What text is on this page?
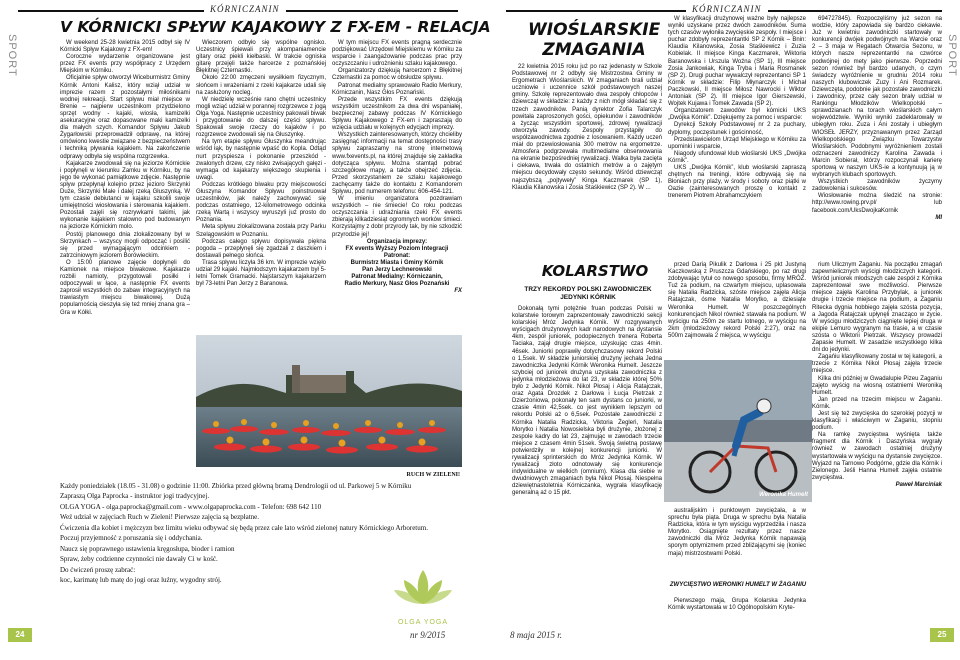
SPORT	SPORT
KÓRNICZANIN	KÓRNICZANIN
V KÓRNICKI SPŁYW KAJAKOWY Z FX-EM - RELACJA

W weekend 25-28 kwietnia 2015 odbył się IV Kórnicki Spływ Kajakowy z FX-em!

Coroczne wydarzenie organizowane jest przez FX events przy współpracy z Urzędem Miejskim w Kórniku.

Oficjalnie spływ otworzył Wiceburmistrz Gminy Kórnik Antoni Kalisz, który wziął udział w imprezie razem z pozostałymi miłośnikami wodnej rekreacji. Start spływu miał miejsce w Brenie – najpierw uczestnikom przydzielono sprzęt wodny - kajaki, wiosła, kamizelki asekuracyjne oraz dopasowane maki kamizelki dla małych szych. Komandor Spływu Jakub Żygarłowski przeprowadził odprawę, na której omówiono kwestie związane z bezpieczeństwem i techniką pływania kajakiem. Na zakończenie odprawy odbyła się wspólna rozgrzewka.

Kajakarze zwodowali się na jeziorze Kórnickie i popłynęli w kierunku Zamku w Kórniku, by na jego tle wykonać pamiątkowe zdjęcie. Następnie spływ przepłynął kolejno przez jezioro Skrzynki Duże, Skrzynki Małe i dalej rzeką Głuszynką. W tym czasie debiutanci w kajaku szkolili swoje umiejętności wiosłowania i sterowania kajakiem. Pozostali zajęli się rozrywkami takimi, jak wykonanie kajakiem stalowno pod budowanym na jeziorze Kórnickim molo.

Postój planowego dnia zlokalizowany był w Skrzynkach – wszyscy mogli odpocząć i posilić się przed wymagającym odcinkiem - zatrzciniowym jeziorem Borówieckim.

O 15:00 planowe zajęcie dopłynęli do Kamionek na miejsce biwakowe. Kajakarze rozbili namioty, przygotowali posiłki i odpoczywali w łące, a następnie FX events zaprosił wszystkich do zabaw integracyjnych na trawiastym miejscu biwakowej. Dużą popularnością cieszyła się też mniej znana gra – Gra w Kółki.

Wieczorem odbyło się wspólne ognisko. Uczestnicy śpiewali przy akompaniamencie gitary oraz piekli kiełbaski. W trakcie ogniska gitarę przejęli także harcerze z poznańskiej Błękitnej Czternastki.

Około 22:00 zmęczeni wysiłkiem fizycznym, słońcem i wrażeniami z rzeki kajakarze udali się na zasłużony nocleg.

W niedzielę wcześnie rano chętni uczestnicy mogli wziąć udział w porannej rozgrzewce z jogą Olga Yoga. Następnie uczestnicy pakowali biwak i przygotowanie do dalszej części spływu. Spakowali swoje rzeczy do kajaków i po rozgrzewce zwodowali się na Głuszynkę.

Na tym etapie spływu Głuszynka meandrując wśród łąk, by następnie wpaść do Kopla. Odtąd nurt przyspiesza i pokonanie przeszkód - zwalonych drzew, czy nisko zwisających gałęzi - wymaga od kajakarzy większego skupienia i uwagi.

Podczas krótkiego biwaku przy miejscowości Głuszyna Komandor Spływu poinstruował uczestników, jak należy zachowywać się podczas ostatniego, 12-kilometrowego odcinka rzeką Wartą i wszyscy wyruszyli już prosto do Poznania.

Meta spływu zlokalizowana została przy Parku Szelągowskim w Poznaniu.

Podczas całego spływu dopisywała piękna pogoda – przepłynęli się zgadzali z daszkiem i dostawali pełnego słońca.

Trasa spływu liczyła 36 km. W imprezie wzięło udział 29 kajaki. Najmłodszym kajakarzem był 5-letni Tomek Gramacki. Najstarszym kajakarzem był 73-letni Pan Jerzy z Baranowa.

W tym miejscu FX events pragną serdecznie podziękować Urzędowi Miejskiemu w Kórniku za wsparcie i zaangażowanie podczas prac przy oczyszczaniu i udrożnieniu szlaku kajakowego.

Organizatorzy dziękują harcerzom z Błękitnej Czternastki za pomoc w obsłudze spływu.

Patronat medialny sprawowało Radio Merkury, Kórniczanin, Nasz Głos Poznański.

Przede wszystkim FX events dziękują wszystkim uczestnikom za dwa dni wspaniałej, bezpiecznej zabawy podczas IV Kórnickiego Spływu Kajakowego z FX-em i zapraszają do wzięcia udziału w kolejnych edycjach imprezy.

Wszystkich zainteresowanych, którzy chcieliby zasięgnąć informacji na temat dostępności trasy spływu zapraszamy na stronę internetową www.fxevents.pl, na której znajduje się zakładka dotycząca spływu. Można stamtąd pobrać szczegółowe mapy, a także obejrzeć zdjęcia. Przed skorzystaniem ze szlaku kajakowego zachęcamy także do kontaktu z Komandorem Spływu, pod numerem telefonu: 606-454-121.

W imieniu organizatora pozdrawiam wszystkich – nie śmiecie! Co roku podczas oczyszczania i udrażniania rzeki FX events zbierają kilkadziesiąt ogromnych worków śmieci. Korzystajmy z dobr przyrody tak, by nie szkodzić przyrodzie jej!

Organizacja imprezy:

FX events Wyższy Poziom Integracji

Patronat:

Burmistrz Miasta i Gminy Kórnik

Pan Jerzy Lechnerowski

Patronat Medialny: Kórniczanin,

Radio Merkury, Nasz Głos Poznański

FX

RUCH W ZIELENI!

Każdy poniedziałek (18.05 - 31.08) o godzinie 11:00. Zbiórka przed główną bramą Dendrologii od ul. Parkowej 5 w Kórniku

Zapraszą Olga Paprocka - instruktor jogi tradycyjnej.

OLGA YOGA - olga.paprocka@gmail.com - www.olgapaprocka.com - Telefon: 698 642 110

Weź udział w zajęciach Ruch w Zieleni! Pierwsze zajęcia są bezpłatne.

Ćwiczenia dla kobiet i mężczyzn bez limitu wieku odbywać się będą przez całe lato wśród zielonej natury Kórnickiego Arboretum.

Poczuj przyjemność z poruszania się i oddychania.

Naucz się poprawnego ustawienia kręgosłupa, bioder i ramion

Spraw, żeby codzienne czynności nie dawały Ci w kość.

Do ćwiczeń proszę zabrać:

koc, karimatę lub matę do jogi oraz luźny, wygodny strój.

OLGA YOGA
24	nr 9/2015
WIOŚLARSKIE
ZMAGANIA

22 kwietnia 2015 roku już po raz jedenasty w Szkole Podstawowej nr 2 odbyły się Mistrzostwa Gminy w Ergometrach Wioślarskich. W zmaganiach brali udział uczniowie i uczennice szkół podstawowych naszej gminy. Szkołę reprezentowało dwa zespoły chłopców i dziewcząt w składzie: z każdy z nich mógł składać się z trzech zawodników. Panią dyrektor Zofia Talarczyk powitała zaproszonych gości, opiekunów i zawodników a życząc wszystkim sportowej, zdrowej rywalizacji otworzyła zawody. Zespoły przystąpiły do współzawodnictwa zgodnie z losowaniem. Każdy uczeń miał do przewiosłowania 300 metrów na ergometrze. Atmosfera podgrzewała multimedialne obserwowania na ekranie bezpośredniej rywalizacji. Walka była zacięta i ciekawa, trwała do ostatnich metrów a o zajętym miejscu decydowały często sekundy. Wśród dziewcząt najszybszą „pojtyweły” Kinga Kaczmarek (SP 1), Klaudia Kilanowska i Zosia Staśkiewicz (SP 2). W ...

W klasyfikacji drużynowej ważne były najlepsze wyniki uzyskane przez dwóch zawodników. Suma tych czasów wyłoniła zwycięskie zespoły. I miejsce i puchar zdobyły reprezentantki SP 2 Kórnik – Bnin: Klaudia Kilanowska, Zosia Staśkiewicz i Zuzia Kobielak. II miejsce Kinga Kaczmarek, Wiktoria Baranowska i Urszula Woźna (SP 1), III miejsce Zosia Jankowiak, Kinga Tryba i Maria Rosmanek (SP 2). Drugi puchar wywalczył reprezentanci SP 1 Kórnik w składzie: Filip Młynarczyk i Michał Paczkowski, II miejsce Miłosz Nawrocki i Wiktor Antoniak (SP 2). III miejsce Igor Gierszewski, Wojtek Kujawa i Tomek Zawada (SP 2).

Organizatorem zawodów był kórnicki UKS „Dwójka Kórnik”. Dziękujemy za pomoc i wsparcie:

Dyrekcji Szkoły Podstawowej nr 2 za puchary, dyplomy, poczęstunek i gościnność,

Przedstawicielom Urząd Miejskiego w Kórniku za upominki i wsparcie,

Niagody ufundował klub wioślarski UKS „Dwójka Kórnik”.

UKS „Dwójka Kórnik”, klub wioślarski zapraszą chętnych na treningi, które odbywają się na Błoniach przy plaży, w środy i soboty oraz piątki w Oazie (zainteresowanych proszę o kontakt z trenerem Piotrem Abrahamczykiem

694727845). Rozpoczęliśmy już sezon na wodzie, który zapowiada się bardzo ciekawie. Już w kwietniu zawodniczki startowały w konkurencji dwójek podwójnych na Warcie oraz 2 – 3 maja w Regatach Otwarcia Sezonu, w których nasze reprezentantki na czwórce podwójnej do mety jako pierwsze. Poprzedni sezon również był bardzo udanych, o czym świadczy wyróżnienie w grudniu 2014 roku naszych klubowiczek Zuzy i Ani Rozmarek. Dziewczęta, podobnie jak pozostałe zawodniczki i zawodnicy, przez cały sezon brały udział w Rankingu Młodzików Wielkopolski – sprawdzianach na torach wioślarskich całym województwie. Wyniki wyniki zadeklarowały w ubiegłym roku. Zuza i Ani zostały i ubiegłym WIOSEŁ JERZY, przyznawanym przez Zarząd Wielkopolskiego Związku Towarzystw Wioślarskich. Podobnymi wyróżnieniem zostali odznaczeni zawodniczy Karolina Zawada i Marcin Sobierał, którzy rozpoczynali karierę sportową w naszym UKS-ie a kontynuują ją w wybranych klubach sportowych.

Wszystkich zawodników życzymy zadowolenia i sukcesów.

Wiosłowanie można śledzić na stronie: http://www.rowing.prv.pl/ lub facebook.com/UksDwojkaKornik

MI

KOLARSTWO
TRZY REKORDY POLSKI ZAWODNICZEK JEDYNKI KÓRNIK

Dokonałą tymi potężnie fruan podczas Polski w kolarstwie torowym zaprezentowały zawodniczki sekcji kolarskiej Mróz Jedynka Kórnik. W rozgrywanych wyścigach drużynowych kadr narodowych na dystansie 4km, zespół juniorek, podopiecznych trenera Roberta Taciaka, zajął drugie miejsce, uzyskując czas 4min. 46sek. Juniorki poprawiły dotychczasowy rekord Polski o 1,5sek. W składzie juniorskiej drużyny jechała Jedna zawodniczka Jedynki Kórnik Weronika Humelt. Jeszcze szybciej od juniorek drużyna uzyskała zawodniczka z jedynka młodzieżowa do lat 23, w składzie której 50% było z Jedynki Kórnik. Nikol Płosaj i Alicja Ratajczak, oraz Agata Drozdek z Darłowa i Łucja Pietrzak z Dzierżoniowa, pokonały ten sam dystans co juniorki, w czasie 4min 42,5sek. co jest wynikiem lepszym od rekordu Polski aż o 6,5sek. Pozostałe zawodniczki z Kórnika Natalia Radzicka, Viktoria Żegleń, Natalia Morytko i Natalia Nowosielska byli drużynie, złożonej z zespole kadry do lat 23, zajmując w zawodach trzecie miejsce z czasem 4min 51sek. Swoją świetną postawę potwierdziły w kolejnej konkurencji juniorki. W rywalizacji sprinterskich do Mróz Jedynka Kórnik. W rywalizacji złoto odnotowały się konkurencje indywidualne w wielkich (omnium). Klasa dla siebie w dwudniowych zmaganiach była Nikol Płosaj. Niespełna dziewiętnastoletnia Kórniczanka, wygrała klasyfikację generalną aż o 15 pkt.

przed Darią Pikulik z Darłowa i 25 pkt Justyną Kaczkowską z Pruszcza Gdańskiego, po raz drugi zdobywając tytuł co nowego sposobu, firmy MRÓZ. Tuż za podium, na czwartym miejscu, uplasowała się Natalia Radzicka, szóste miejsce zajęła Alicja Ratajczak, ósme Natalia Morytko, a dziesiąte Weronika Humelt. W poszczególnych konkurencjach Nikol również stawała na podium. W wyścigu na 250m ze startu lotnego, w wyścigu na 2km (młodzieżowy rekord Polski 2:27), oraz na 500m zajmowała 2 miejsca, w wyścigu

rium Ulicznym Zaganiu. Na początku zmagań zapewnielicznych wyścigi młodziczych kategorii. Wśród juniorek młodszych całe zespół z Kórnika zaprezentował swe możliwości. Pierwsze miejsce zajęła Karolina Przybylak, a juniorek drugie i trzecie miejsce na podium, a Zaganiu Ritecka dygnia hobbiego zajęła szósta pozycja, a Jagoda Ratajczak upłynęli znacząco w życie. W wyścigu młodziczych ciągnięte lepiej druga w ekipie Lemuro wygranym na trasie, a w czasie szósta o Wiktorii Pietrzak. Wszyscy prowadzi Zapasie Humelt. W zasadzie wszystkiego kilka dni do jedynki.

Zagańiu klasyfikowany został w tej kategorii, a trzecie z Kórnika Nikol Płosaj zajęła trzecie miejsce.

Kilka dni później w Gwadalupie Pizeu Zaganiu zajęto wyścig na wiosną ostatniemi Weroniką Humelt.

Jan przed na trzecim miejscu w Żaganiu. Kórnik.

Jest się też zwycięska do szerokiej pozycji w klasyfikacji i właściwym w Żaganiu, stopniu podium.

Na ramkę zwycięstwa wyśnięta także fragment dla Kórnik i Daszyńska wygrały również w zawodach ostatniej drużyny wystartowała w wyścigu na dystansie zwycięzce. Wyjazd na Tarnowo Podgórne, gdzie dla Kórnik i Zielonego. Jeśli Hanna Humelt zajęła ostatnie zwycięstwa.

Paweł Marciniak

Weronika Humelt

australijskim i punktowym zwyciężała, a w sprechu była piąta. Druga w sprechu była Natalia Radzicka, która w tym wyścigu wyprzedziła i nasza Morytko. Osiągnięte rezultaty przez nasze zawodniczki dla Mróz Jedynka Kórnik napawają sporym optymizmem przed zbliżającymi się (koniec maja) mistrzostwami Polski.

ZWYCIĘSTWO WERONIKI HUMELT W ŻAGANIU

Pierwszego maja, Grupa Kolarska Jedynka Kórnik wystartowała w 10 Ogólnopolskim Kryte-

25
8 maja 2015 r.
